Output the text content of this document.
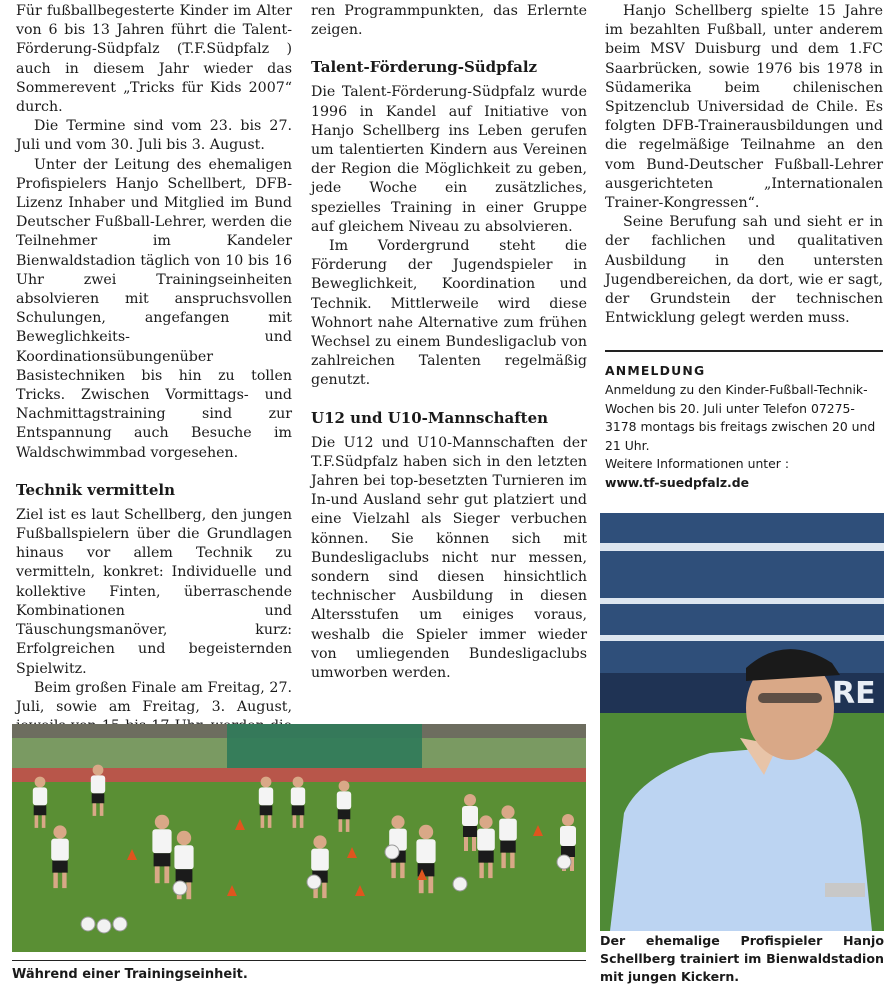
Für fußballbegesterte Kinder im Alter von 6 bis 13 Jahren führt die Talent-Förderung-Südpfalz (T.F.Südpfalz ) auch in diesem Jahr wieder das Sommerevent „Tricks für Kids 2007“ durch.

Die Termine sind vom 23. bis 27. Juli und vom 30. Juli bis 3. August.

Unter der Leitung des ehemaligen Profispielers Hanjo Schellbert, DFB-Lizenz Inhaber und Mitglied im Bund Deutscher Fußball-Lehrer, werden die Teilnehmer im Kandeler Bienwaldstadion täglich von 10 bis 16 Uhr zwei Trainingseinheiten absolvieren mit anspruchsvollen Schulungen, angefangen mit Beweglichkeits- und Koordinationsübungenüber Basistechniken bis hin zu tollen Tricks. Zwischen Vormittags- und Nachmittagstraining sind zur Entspannung auch Besuche im Waldschwimmbad vorgesehen.

Technik vermitteln

Ziel ist es laut Schellberg, den jungen Fußballspielern über die Grundlagen hinaus vor allem Technik zu vermitteln, konkret: Individuelle und kollektive Finten, überraschende Kombinationen und Täuschungsmanöver, kurz: Erfolgreichen und begeisternden Spielwitz.

Beim großen Finale am Freitag, 27. Juli, sowie am Freitag, 3. August,

ren Programmpunkten, das Erlernte zeigen.

Talent-Förderung-Südpfalz

Die Talent-Förderung-Südpfalz wurde 1996 in Kandel auf Initiative von Hanjo Schellberg ins Leben gerufen um talentierten Kindern aus Vereinen der Region die Möglichkeit zu geben, jede Woche ein zusätzliches, spezielles Training in einer Gruppe auf gleichem Niveau zu absolvieren.

Im Vordergrund steht die Förderung der Jugendspieler in Beweglichkeit, Koordination und Technik. Mittlerweile wird diese Wohnort nahe Alternative zum frühen Wechsel zu einem Bundesligaclub von zahlreichen Talenten regelmäßig genutzt.

U12 und U10-Mannschaften

Die U12 und U10-Mannschaften der T.F.Südpfalz haben sich in den letzten Jahren bei top-besetzten Turnieren im In-und Ausland sehr gut platziert und eine Vielzahl als Sieger verbuchen können. Sie können sich mit Bundesligaclubs nicht nur messen, sondern sind diesen hinsichtlich technischer Ausbildung in diesen Altersstufen um einiges voraus, weshalb die Spieler immer wieder von umliegenden Bundesligaclubs umworben werden.

Hanjo Schellberg spielte 15 Jahre im bezahlten Fußball, unter anderem beim MSV Duisburg und dem 1.FC Saarbrücken, sowie 1976 bis 1978 in Südamerika beim chilenischen Spitzenclub Universidad de Chile. Es folgten DFB-Trainerausbildungen und die regelmäßige Teilnahme an den vom Bund-Deutscher Fußball-Lehrer ausgerichteten „Internationalen Trainer-Kongressen“.

Seine Berufung sah und sieht er in der fachlichen und qualitativen Ausbildung in den untersten Jugendbereichen, da dort, wie er sagt, der Grundstein der technischen Entwicklung gelegt werden muss.

ANMELDUNG
Anmeldung zu den Kinder-Fußball-Technik-Wochen bis 20. Juli unter Telefon 07275-3178 montags bis freitags zwischen 20 und 21 Uhr.
Weitere Informationen unter :
www.tf-suedpfalz.de
Während einer Trainingseinheit.
RE
Der ehemalige Profispieler Hanjo Schellberg trainiert im Bienwaldstadion mit jungen Kickern.
